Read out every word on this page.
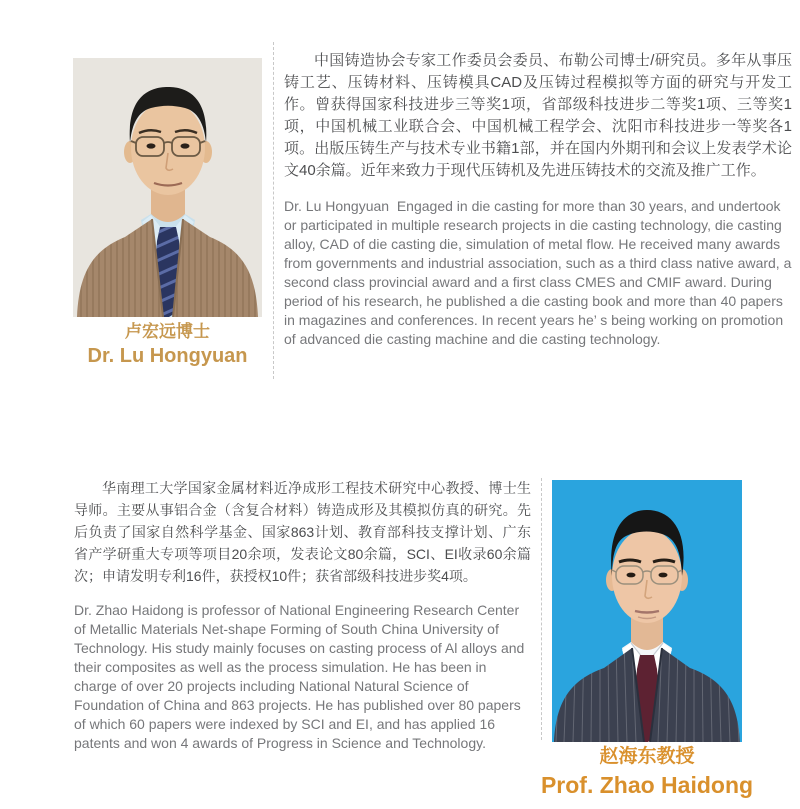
卢宏远博士
Dr. Lu Hongyuan

中国铸造协会专家工作委员会委员、布勒公司博士/研究员。多年从事压铸工艺、压铸材料、压铸模具CAD及压铸过程模拟等方面的研究与开发工作。曾获得国家科技进步三等奖1项，省部级科技进步二等奖1项、三等奖1项，中国机械工业联合会、中国机械工程学会、沈阳市科技进步一等奖各1项。出版压铸生产与技术专业书籍1部，并在国内外期刊和会议上发表学术论文40余篇。近年来致力于现代压铸机及先进压铸技术的交流及推广工作。

Dr. Lu Hongyuan  Engaged in die casting for more than 30 years, and undertook or participated in multiple research projects in die casting technology, die casting alloy, CAD of die casting die, simulation of metal flow. He received many awards from governments and industrial association, such as a third class native award, a second class provincial award and a first class CMES and CMIF award. During period of his research, he published a die casting book and more than 40 papers in magazines and conferences. In recent years he’ s being working on promotion of advanced die casting machine and die casting technology.

华南理工大学国家金属材料近净成形工程技术研究中心教授、博士生导师。主要从事铝合金（含复合材料）铸造成形及其模拟仿真的研究。先后负责了国家自然科学基金、国家863计划、教育部科技支撑计划、广东省产学研重大专项等项目20余项，发表论文80余篇，SCI、EI收录60余篇次；申请发明专利16件，获授权10件；获省部级科技进步奖4项。

Dr. Zhao Haidong is professor of National Engineering Research Center of Metallic Materials Net-shape Forming of South China University of Technology. His study mainly focuses on casting process of Al alloys and their composites as well as the process simulation. He has been in charge of over 20 projects including National Natural Science of Foundation of China and 863 projects. He has published over 80 papers of which 60 papers were indexed by SCI and EI, and has applied 16 patents and won 4 awards of Progress in Science and Technology.

赵海东教授
Prof. Zhao Haidong
